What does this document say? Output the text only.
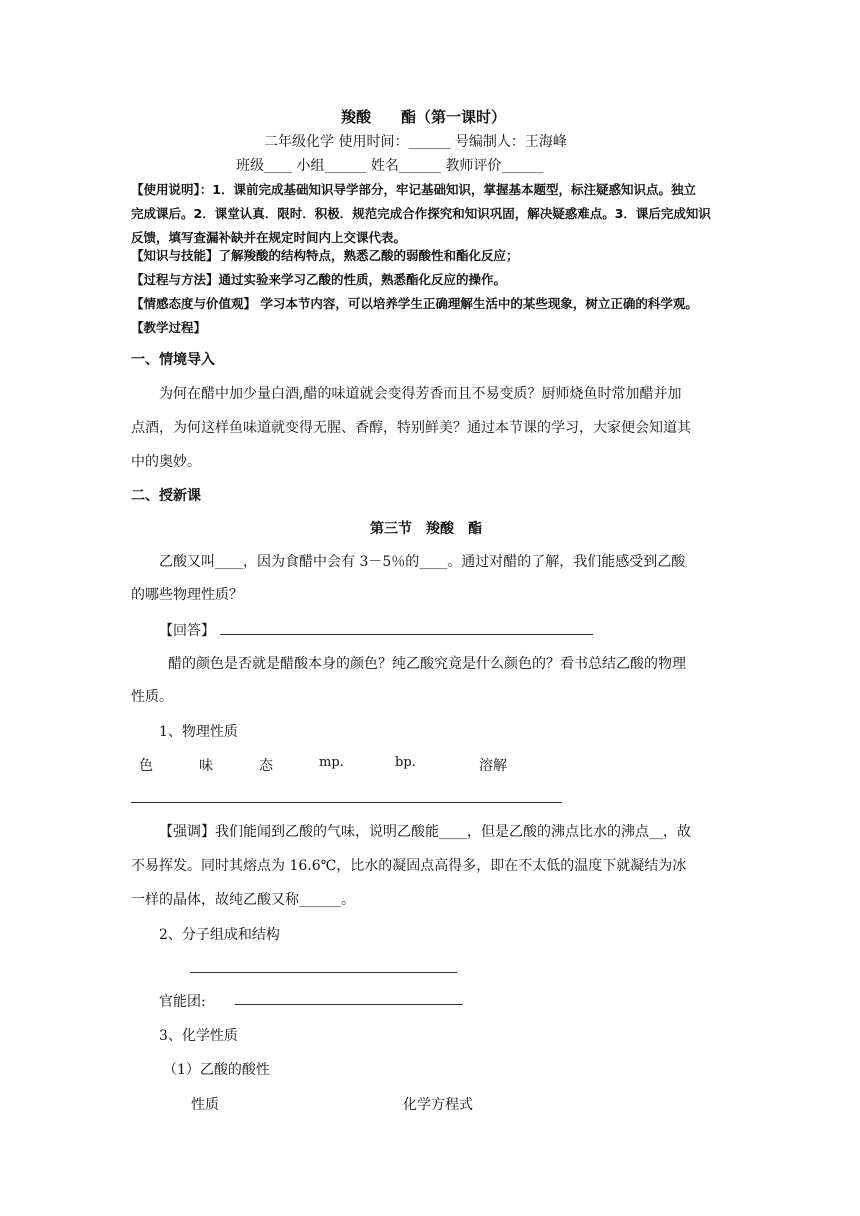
羧酸　　酯（第一课时）
二年级化学 使用时间：______ 号编制人：王海峰
班级____ 小组______ 姓名______ 教师评价______
【使用说明】：1．课前完成基础知识导学部分，牢记基础知识，掌握基本题型，标注疑惑知识点。独立
完成课后。2．课堂认真．限时．积极．规范完成合作探究和知识巩固，解决疑惑难点。3．课后完成知识
反馈，填写查漏补缺并在规定时间内上交课代表。
【知识与技能】了解羧酸的结构特点，熟悉乙酸的弱酸性和酯化反应；
【过程与方法】通过实验来学习乙酸的性质，熟悉酯化反应的操作。
【情感态度与价值观】 学习本节内容，可以培养学生正确理解生活中的某些现象，树立正确的科学观。
【教学过程】
一、情境导入
为何在醋中加少量白酒,醋的味道就会变得芳香而且不易变质？厨师烧鱼时常加醋并加
点酒，为何这样鱼味道就变得无腥、香醇，特别鲜美？通过本节课的学习，大家便会知道其
中的奥妙。
二、授新课
第三节　羧酸　酯
乙酸又叫____，因为食醋中会有 3－5％的____。通过对醋的了解，我们能感受到乙酸
的哪些物理性质？
【回答】
醋的颜色是否就是醋酸本身的颜色？纯乙酸究竟是什么颜色的？看书总结乙酸的物理
性质。
1、物理性质
色	味	态	mp.	bp.	溶解
【强调】我们能闻到乙酸的气味，说明乙酸能____，但是乙酸的沸点比水的沸点__，故
不易挥发。同时其熔点为 16.6℃，比水的凝固点高得多，即在不太低的温度下就凝结为冰
一样的晶体，故纯乙酸又称______。
2、分子组成和结构
官能团:
3、化学性质
（1）乙酸的酸性
性质	化学方程式
